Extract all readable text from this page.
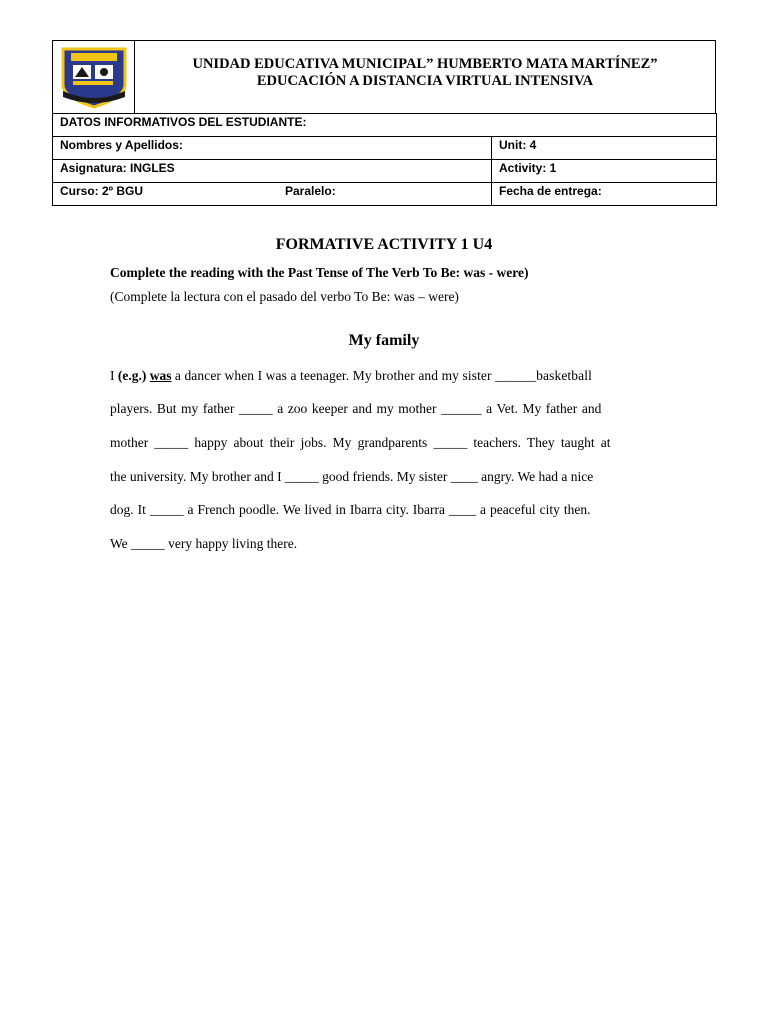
UNIDAD EDUCATIVA MUNICIPAL” HUMBERTO MATA MARTÍNEZ”
EDUCACIÓN A DISTANCIA VIRTUAL INTENSIVA
DATOS INFORMATIVOS DEL ESTUDIANTE:	
Nombres y Apellidos:	Unit: 4
Asignatura: INGLES	Activity: 1

Curso: 2º BGU Paralelo:	Fecha de entrega:
FORMATIVE ACTIVITY 1 U4
Complete the reading with the Past Tense of The Verb To Be: was - were)
(Complete la lectura con el pasado del verbo To Be: was – were)
My family
I
(e.g.)
was
a dancer when I was a teenager. My brother and my sister ______basketball
players. But my father _____ a zoo keeper and my mother ______ a Vet. My father and
mother _____ happy about their jobs. My grandparents _____ teachers. They taught at
the university. My brother and I _____ good friends. My sister ____ angry. We had a nice
dog. It _____ a French poodle. We lived in Ibarra city. Ibarra ____ a peaceful city then.
We _____ very happy living there.
